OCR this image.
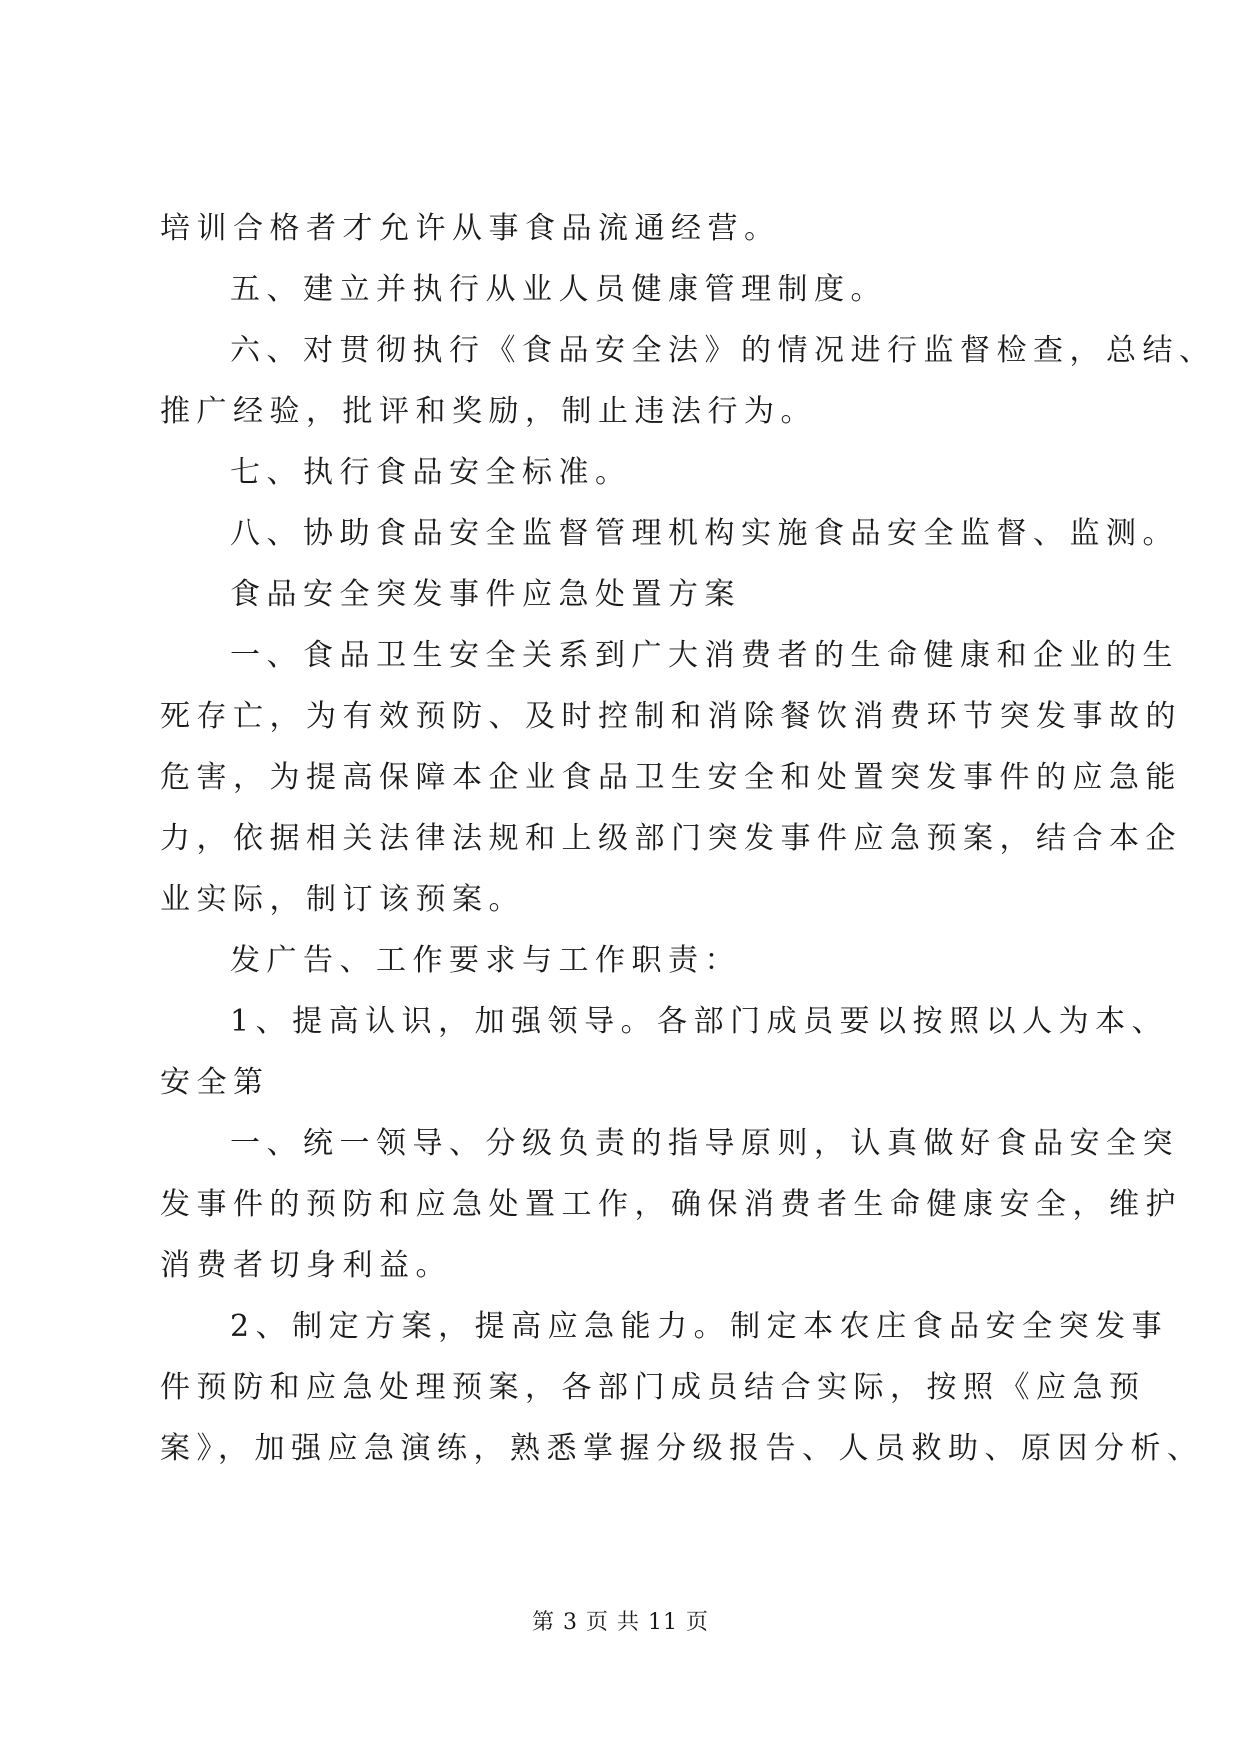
培训合格者才允许从事食品流通经营。
五、建立并执行从业人员健康管理制度。
六、对贯彻执行《食品安全法》的情况进行监督检查，总结、
推广经验，批评和奖励，制止违法行为。
七、执行食品安全标准。
八、协助食品安全监督管理机构实施食品安全监督、监测。
食品安全突发事件应急处置方案
一、食品卫生安全关系到广大消费者的生命健康和企业的生
死存亡，为有效预防、及时控制和消除餐饮消费环节突发事故的
危害，为提高保障本企业食品卫生安全和处置突发事件的应急能
力，依据相关法律法规和上级部门突发事件应急预案，结合本企
业实际，制订该预案。
发广告、工作要求与工作职责：
1、提高认识，加强领导。各部门成员要以按照以人为本、
安全第
一、统一领导、分级负责的指导原则，认真做好食品安全突
发事件的预防和应急处置工作，确保消费者生命健康安全，维护
消费者切身利益。
2、制定方案，提高应急能力。制定本农庄食品安全突发事
件预防和应急处理预案，各部门成员结合实际，按照《应急预
案》，加强应急演练，熟悉掌握分级报告、人员救助、原因分析、
第 3 页 共 11 页
